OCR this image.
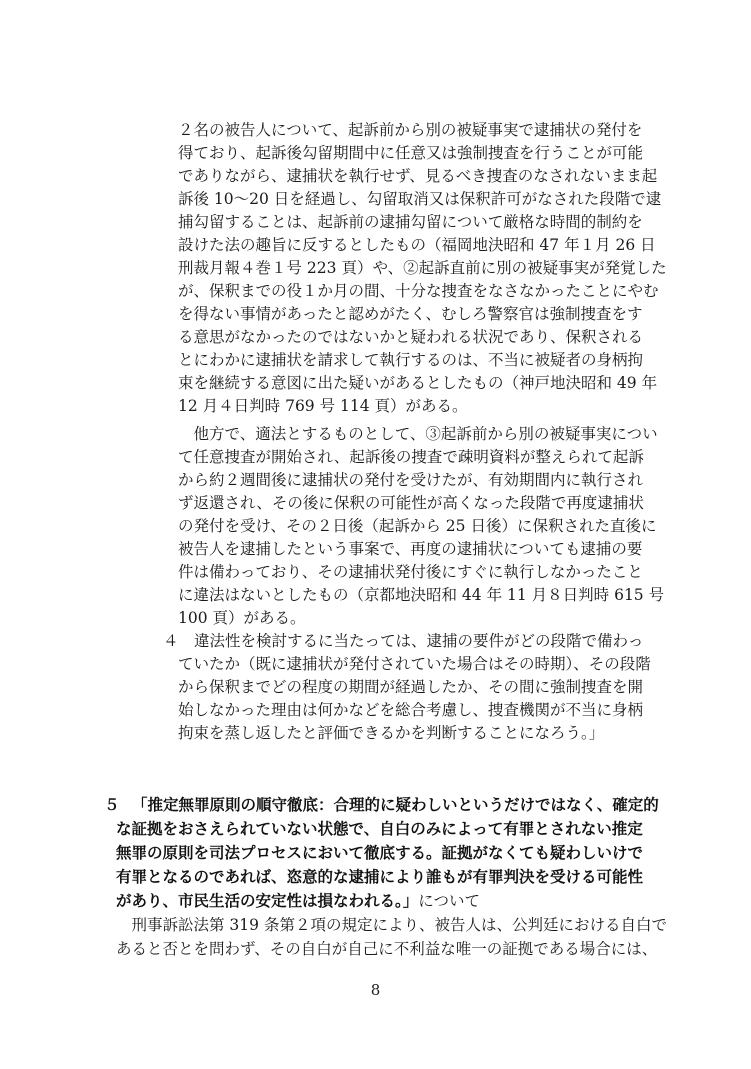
２名の被告人について、起訴前から別の被疑事実で逮捕状の発付を
得ており、起訴後勾留期間中に任意又は強制捜査を行うことが可能
でありながら、逮捕状を執行せず、見るべき捜査のなされないまま起
訴後 10〜20 日を経過し、勾留取消又は保釈許可がなされた段階で逮
捕勾留することは、起訴前の逮捕勾留について厳格な時間的制約を
設けた法の趣旨に反するとしたもの（福岡地決昭和 47 年１月 26 日
刑裁月報４巻１号 223 頁）や、②起訴直前に別の被疑事実が発覚した
が、保釈までの役１か月の間、十分な捜査をなさなかったことにやむ
を得ない事情があったと認めがたく、むしろ警察官は強制捜査をす
る意思がなかったのではないかと疑われる状況であり、保釈される
とにわかに逮捕状を請求して執行するのは、不当に被疑者の身柄拘
束を継続する意図に出た疑いがあるとしたもの（神戸地決昭和 49 年
12 月４日判時 769 号 114 頁）がある。
　他方で、適法とするものとして、③起訴前から別の被疑事実につい
て任意捜査が開始され、起訴後の捜査で疎明資料が整えられて起訴
から約２週間後に逮捕状の発付を受けたが、有効期間内に執行され
ず返還され、その後に保釈の可能性が高くなった段階で再度逮捕状
の発付を受け、その２日後（起訴から 25 日後）に保釈された直後に
被告人を逮捕したという事案で、再度の逮捕状についても逮捕の要
件は備わっており、その逮捕状発付後にすぐに執行しなかったこと
に違法はないとしたもの（京都地決昭和 44 年 11 月８日判時 615 号
100 頁）がある。
４ 違法性を検討するに当たっては、逮捕の要件がどの段階で備わっ
ていたか（既に逮捕状が発付されていた場合はその時期）、その段階
から保釈までどの程度の期間が経過したか、その間に強制捜査を開
始しなかった理由は何かなどを総合考慮し、捜査機関が不当に身柄
拘束を蒸し返したと評価できるかを判断することになろう。」
５ 「推定無罪原則の順守徹底：合理的に疑わしいというだけではなく、確定的
な証拠をおさえられていない状態で、自白のみによって有罪とされない推定
無罪の原則を司法プロセスにおいて徹底する。証拠がなくても疑わしいけで
有罪となるのであれば、恣意的な逮捕により誰もが有罪判決を受ける可能性
があり、市民生活の安定性は損なわれる。」について
　刑事訴訟法第 319 条第２項の規定により、被告人は、公判廷における自白で
あると否とを問わず、その自白が自己に不利益な唯一の証拠である場合には、
8
